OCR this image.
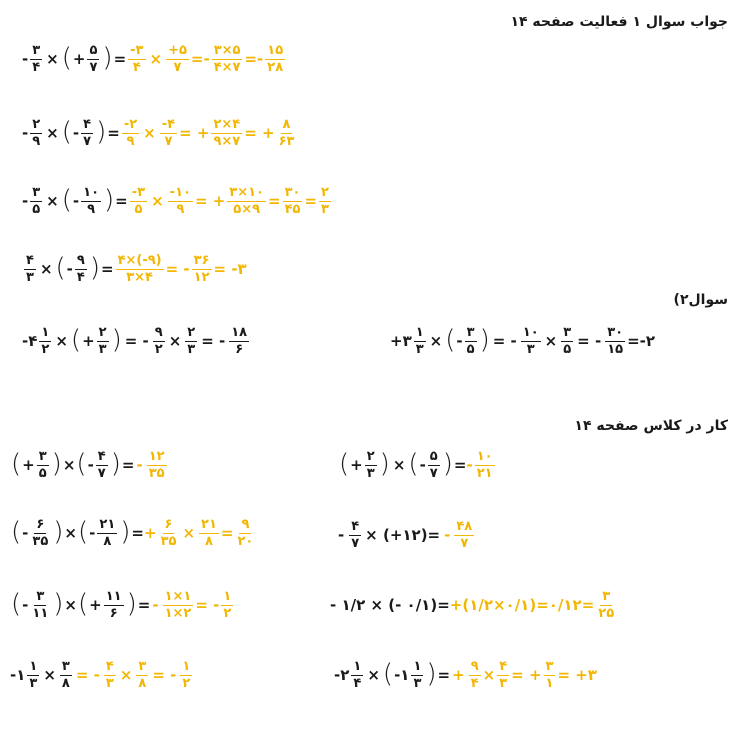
جواب سوال ۱ فعالیت صفحه ۱۴
سوال۲)
کار در کلاس صفحه ۱۴
- $\frac{۳}{۴}$ × ( + $\frac{۵}{۷}$ ) = $\frac{-۳}{۴} \times \frac{+۵}{۷}$ = - $\frac{۳\times ۵}{۴\times ۷} =- \frac{۱۵}{۲۸}$
- $\frac{۲}{۹}$ × ( - $\frac{۴}{۷}$ ) = $\frac{-۲}{۹} \times \frac{-۴}{۷}$ = + $\frac{۲\times ۴}{۹\times ۷}$ = + $\frac{۸}{۶۳}$
- $\frac{۳}{۵}$ × ( - $\frac{۱۰}{۹}$ ) = $\frac{-۳}{۵} \times \frac{-۱۰}{۹}$ = + $\frac{۳\times ۱۰}{۵\times ۹} = \frac{۳۰}{۴۵} = \frac{۲}{۳}$
$\frac{۴}{۳}$ × ( - $\frac{۹}{۴}$ ) = $\frac{۴\times(-۹)}{۳\times ۴}$ = - $\frac{۳۶}{۱۲}$ = -۳
- ۴ $\frac{۱}{۲}$ × ( + $\frac{۲}{۳}$ ) = - $\frac{۹}{۲} \times \frac{۲}{۳}$ = - $\frac{۱۸}{۶}$	+ ۳ $\frac{۱}{۳}$ × ( - $\frac{۳}{۵}$ ) = - $\frac{۱۰}{۳} \times \frac{۳}{۵}$ = - $\frac{۳۰}{۱۵}$ =-۲
( + $\frac{۳}{۵}$ ) × ( - $\frac{۴}{۷}$ ) = - $\frac{۱۲}{۳۵}$
( - $\frac{۶}{۳۵}$ ) × ( - $\frac{۲۱}{۸}$ ) = + $\frac{۶}{۳۵} \times \frac{۲۱}{۸} = \frac{۹}{۲۰}$
( - $\frac{۳}{۱۱}$ ) × ( + $\frac{۱۱}{۶}$ ) = - $\frac{۱\times ۱}{۱\times ۲}$ = - $\frac{۱}{۲}$
-۱ $\frac{۱}{۳} \times \frac{۳}{۸}$ = - $\frac{۴}{۳} \times \frac{۳}{۸}$ = - $\frac{۱}{۲}$
( + $\frac{۲}{۳}$ ) × ( - $\frac{۵}{۷}$ ) = - $\frac{۱۰}{۲۱}$
- $\frac{۴}{۷}$ × (+۱۲)= - $\frac{۴۸}{۷}$
- ۱/۲ × (- ۰/۱)= +(۱/۲×۰/۱)=۰/۱۲= $\frac{۳}{۲۵}$
-۲ $\frac{۱}{۴}$ × ( -۱ $\frac{۱}{۳}$ ) = + $\frac{۹}{۴} \times \frac{۴}{۳}$ = + $\frac{۳}{۱}$ = +۳
